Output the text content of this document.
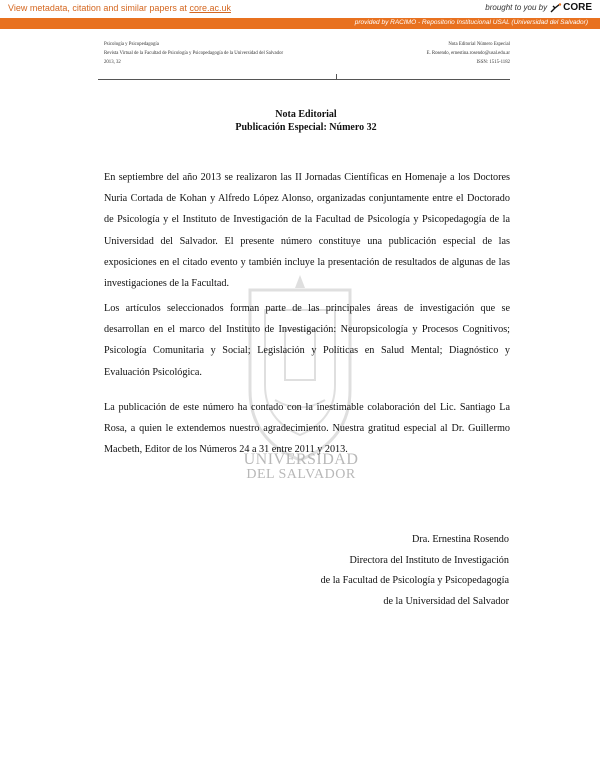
View metadata, citation and similar papers at core.ac.uk	brought to you by CORE
provided by RACIMO - Repositorio Institucional USAL (Universidad del Salvador)
Psicología y Psicopedagogía
Revista Virtual de la Facultad de Psicología y Psicopedagogía de la Universidad del Salvador
2013, 32
Nota Editorial Número Especial
E. Rosendo, ernestina.rosendo@usal.edu.ar
ISSN: 1515-1182
UNIVERSIDAD
DEL SALVADOR
Nota Editorial
Publicación Especial: Número 32
En septiembre del año 2013 se realizaron las II Jornadas Científicas en Homenaje a los Doctores Nuria Cortada de Kohan y Alfredo López Alonso, organizadas conjuntamente entre el Doctorado de Psicología y el Instituto de Investigación de la Facultad de Psicología y Psicopedagogía de la Universidad del Salvador. El presente número constituye una publicación especial de las exposiciones en el citado evento y también incluye la presentación de resultados de algunas de las investigaciones de la Facultad.
Los artículos seleccionados forman parte de las principales áreas de investigación que se desarrollan en el marco del Instituto de Investigación: Neuropsicología y Procesos Cognitivos; Psicología Comunitaria y Social; Legislación y Políticas en Salud Mental; Diagnóstico y Evaluación Psicológica.
La publicación de este número ha contado con la inestimable colaboración del Lic. Santiago La Rosa, a quien le extendemos nuestro agradecimiento. Nuestra gratitud especial al Dr. Guillermo Macbeth, Editor de los Números 24 a 31 entre 2011 y 2013.
Dra. Ernestina Rosendo
Directora del Instituto de Investigación
de la Facultad de Psicología y Psicopedagogía
de la Universidad del Salvador
